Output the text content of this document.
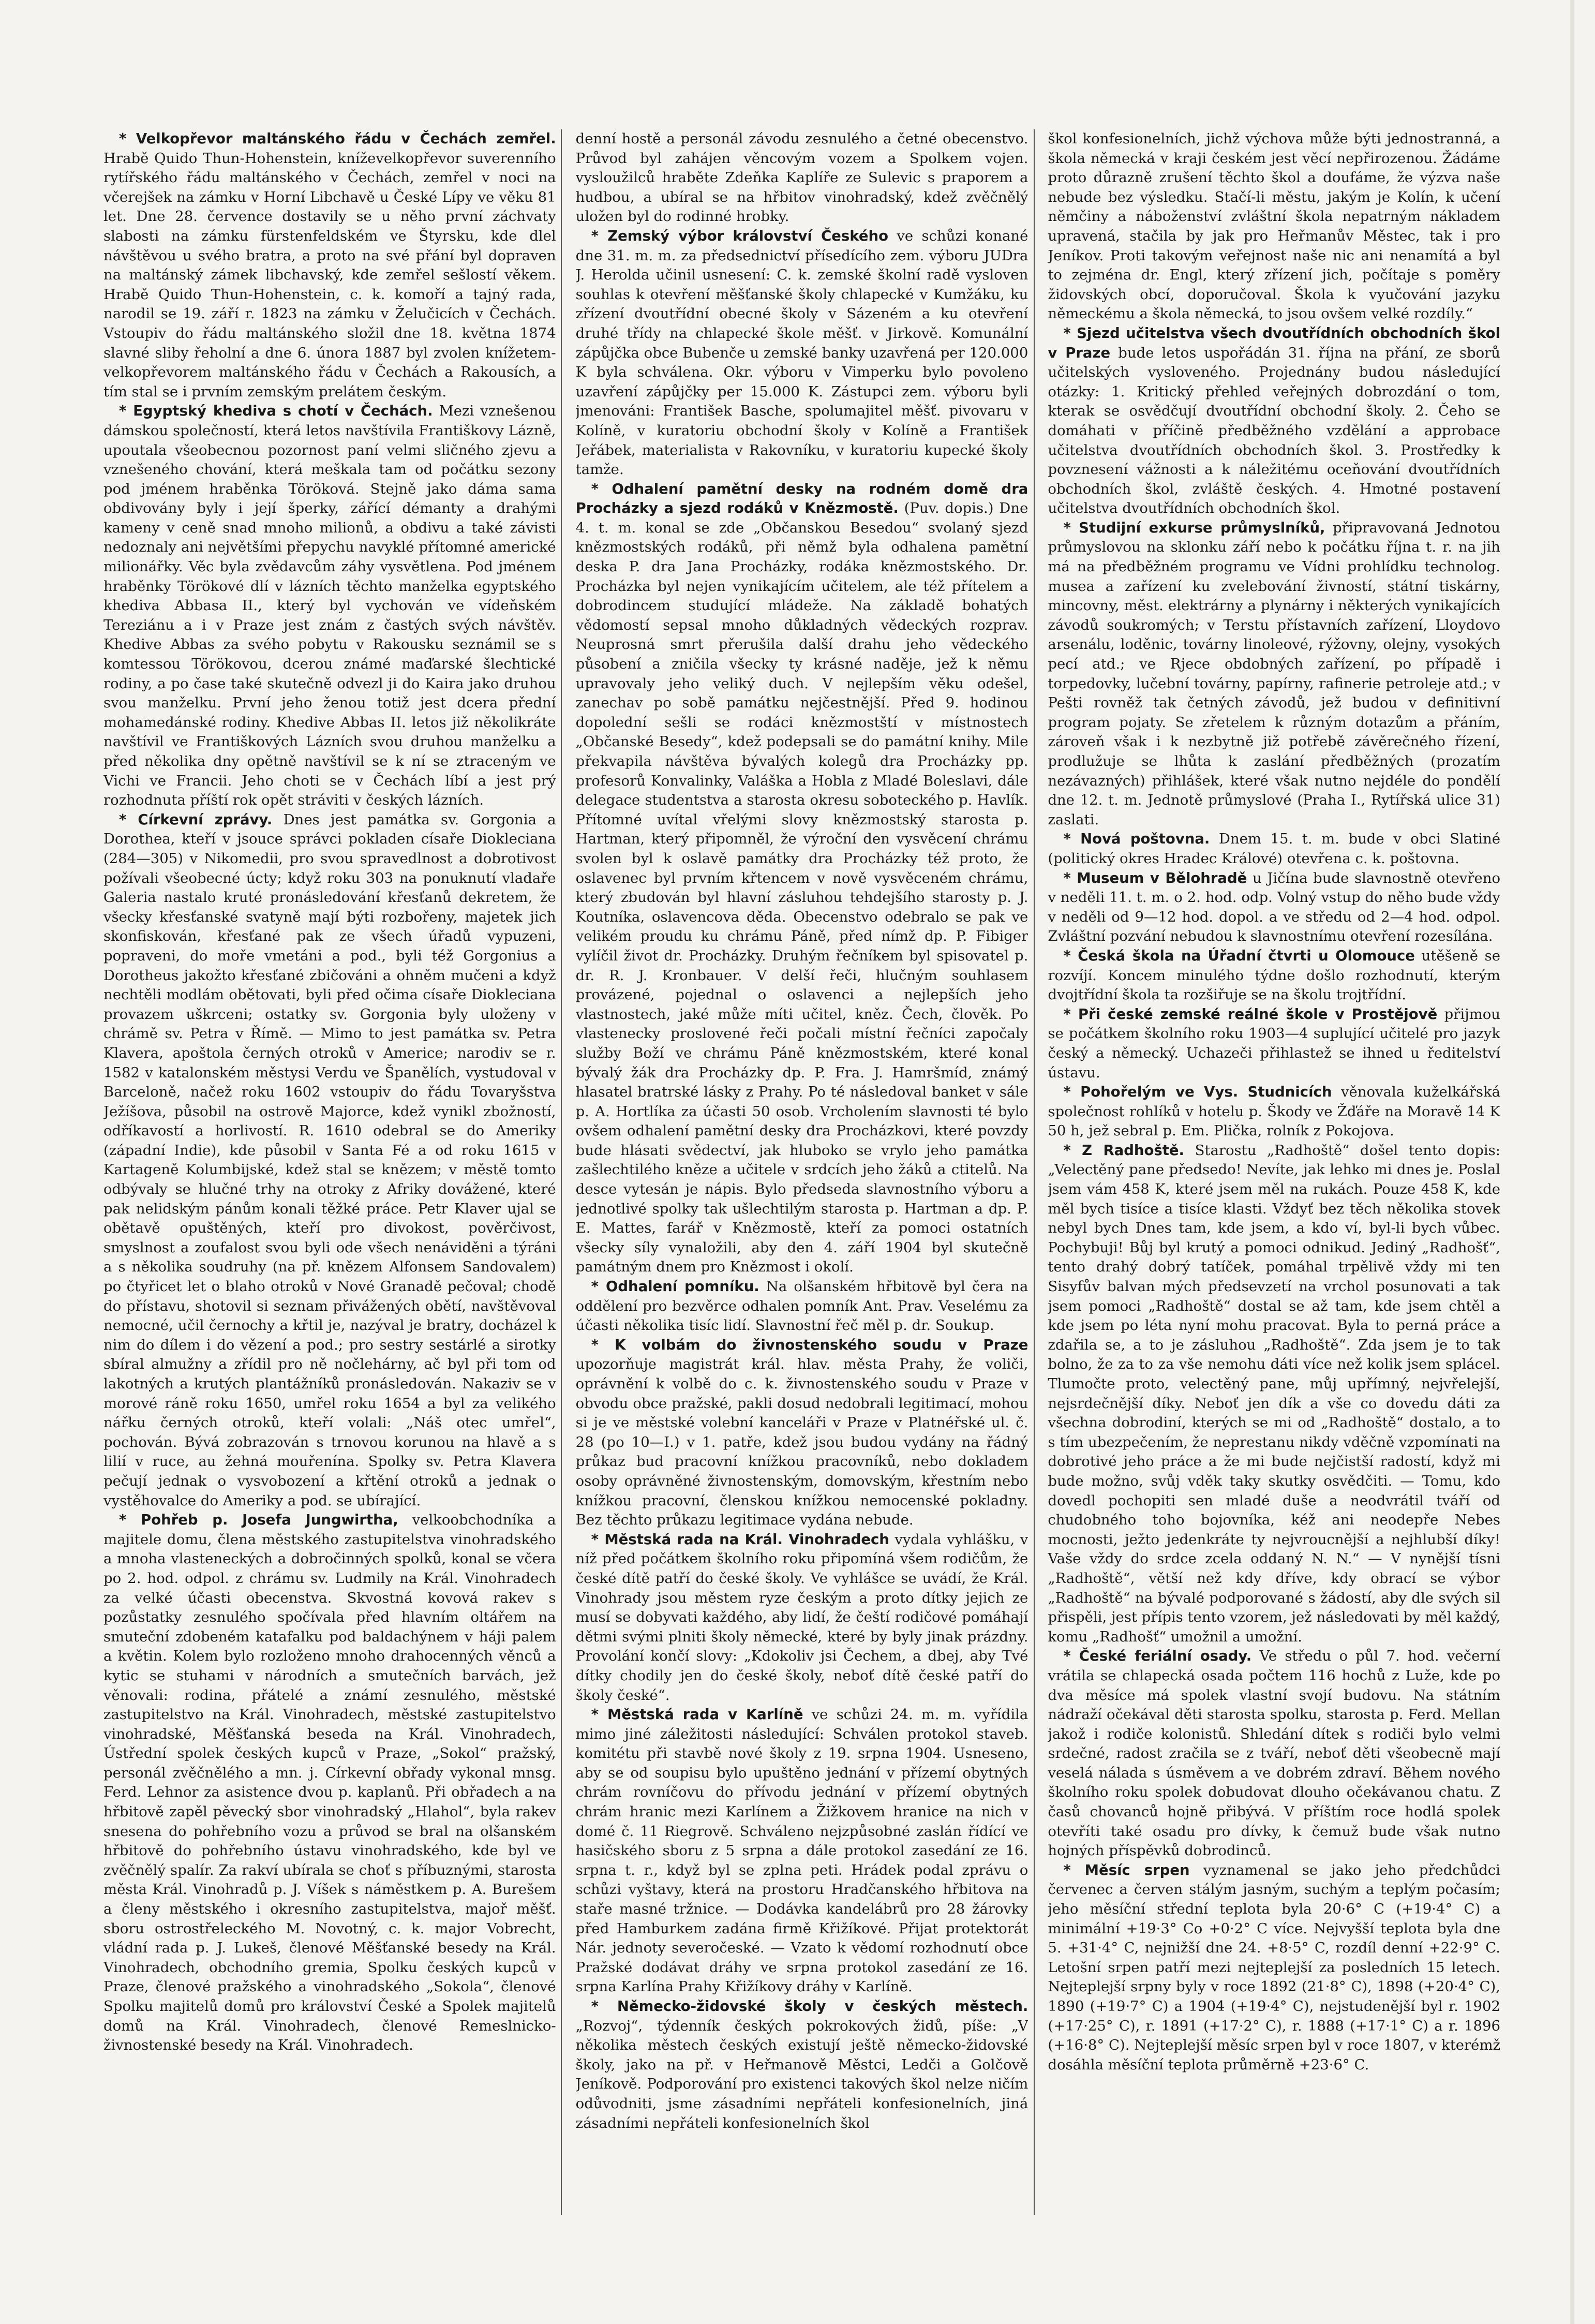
* Velkopřevor maltánského řádu v Čechách zemřel. Hrabě Quido Thun-Hohenstein, kníževelkopřevor suverenního rytířského řádu maltánského v Čechách, zemřel v noci na včerejšek na zámku v Horní Libchavě u České Lípy ve věku 81 let. Dne 28. července dostavily se u něho první záchvaty slabosti na zámku fürstenfeldském ve Štyrsku, kde dlel návštěvou u svého bratra, a proto na své přání byl dopraven na maltánský zámek libchavský, kde zemřel sešlostí věkem. Hrabě Quido Thun-Hohenstein, c. k. komoří a tajný rada, narodil se 19. září r. 1823 na zámku v Želučicích v Čechách. Vstoupiv do řádu maltánského složil dne 18. května 1874 slavné sliby řeholní a dne 6. února 1887 byl zvolen knížetem-velkopřevorem maltánského řádu v Čechách a Rakousích, a tím stal se i prvním zemským prelátem českým.

* Egyptský khediva s chotí v Čechách. Mezi vznešenou dámskou společností, která letos navštívila Františkovy Lázně, upoutala všeobecnou pozornost paní velmi sličného zjevu a vznešeného chování, která meškala tam od počátku sezony pod jménem hraběnka Töröková. Stejně jako dáma sama obdivovány byly i její šperky, zářící démanty a drahými kameny v ceně snad mnoho milionů, a obdivu a také závisti nedoznaly ani největšími přepychu navyklé přítomné americké milionářky. Věc byla zvědavcům záhy vysvětlena. Pod jménem hraběnky Törökové dlí v lázních těchto manželka egyptského khediva Abbasa II., který byl vychován ve vídeňském Tereziánu a i v Praze jest znám z častých svých návštěv. Khedive Abbas za svého pobytu v Rakousku seznámil se s komtessou Törökovou, dcerou známé maďarské šlechtické rodiny, a po čase také skutečně odvezl ji do Kaira jako druhou svou manželku. První jeho ženou totiž jest dcera přední mohamedánské rodiny. Khedive Abbas II. letos již několikráte navštívil ve Františkových Lázních svou druhou manželku a před několika dny opětně navštívil se k ní se ztraceným ve Vichi ve Francii. Jeho choti se v Čechách líbí a jest prý rozhodnuta příští rok opět stráviti v českých lázních.

* Církevní zprávy. Dnes jest památka sv. Gorgonia a Dorothea, kteří v jsouce správci pokladen císaře Diokleciana (284—305) v Nikomedii, pro svou spravedlnost a dobrotivost požívali všeobecné úcty; když roku 303 na ponuknutí vladaře Galeria nastalo kruté pronásledování křesťanů dekretem, že všecky křesťanské svatyně mají býti rozbořeny, majetek jich skonfiskován, křesťané pak ze všech úřadů vypuzeni, popraveni, do moře vmetáni a pod., byli též Gorgonius a Dorotheus jakožto křesťané zbičováni a ohněm mučeni a když nechtěli modlám obětovati, byli před očima císaře Diokleciana provazem uškrceni; ostatky sv. Gorgonia byly uloženy v chrámě sv. Petra v Římě. — Mimo to jest památka sv. Petra Klavera, apoštola černých otroků v Americe; narodiv se r. 1582 v katalonském městysi Verdu ve Španělích, vystudoval v Barceloně, načež roku 1602 vstoupiv do řádu Tovaryšstva Ježíšova, působil na ostrově Majorce, kdež vynikl zbožností, odříkavostí a horlivostí. R. 1610 odebral se do Ameriky (západní Indie), kde působil v Santa Fé a od roku 1615 v Kartageně Kolumbijské, kdež stal se knězem; v městě tomto odbývaly se hlučné trhy na otroky z Afriky dovážené, které pak nelidským pánům konali těžké práce. Petr Klaver ujal se obětavě opuštěných, kteří pro divokost, pověrčivost, smyslnost a zoufalost svou byli ode všech nenáviděni a týráni a s několika soudruhy (na př. knězem Alfonsem Sandovalem) po čtyřicet let o blaho otroků v Nové Granadě pečoval; chodě do přístavu, shotovil si seznam přivážených obětí, navštěvoval nemocné, učil černochy a křtil je, nazýval je bratry, docházel k nim do dílem i do vězení a pod.; pro sestry sestárlé a sirotky sbíral almužny a zřídil pro ně nočlehárny, ač byl při tom od lakotných a krutých plantážníků pronásledován. Nakaziv se v morové ráně roku 1650, umřel roku 1654 a byl za velikého nářku černých otroků, kteří volali: „Náš otec umřel“, pochován. Bývá zobrazován s trnovou korunou na hlavě a s lilií v ruce, au žehná mouřenína. Spolky sv. Petra Klavera pečují jednak o vysvobození a křtění otroků a jednak o vystěhovalce do Ameriky a pod. se ubírající.

* Pohřeb p. Josefa Jungwirtha, velkoobchodníka a majitele domu, člena městského zastupitelstva vinohradského a mnoha vlasteneckých a dobročinných spolků, konal se včera po 2. hod. odpol. z chrámu sv. Ludmily na Král. Vinohradech za velké účasti obecenstva. Skvostná kovová rakev s pozůstatky zesnulého spočívala před hlavním oltářem na smuteční zdobeném katafalku pod baldachýnem v háji palem a květin. Kolem bylo rozloženo mnoho drahocenných věnců a kytic se stuhami v národních a smutečních barvách, jež věnovali: rodina, přátelé a známí zesnulého, městské zastupitelstvo na Král. Vinohradech, městské zastupitelstvo vinohradské, Měšťanská beseda na Král. Vinohradech, Ústřední spolek českých kupců v Praze, „Sokol“ pražský, personál zvěčnělého a mn. j. Církevní obřady vykonal mnsg. Ferd. Lehnor za asistence dvou p. kaplanů. Při obřadech a na hřbitově zapěl pěvecký sbor vinohradský „Hlahol“, byla rakev snesena do pohřebního vozu a průvod se bral na olšanském hřbitově do pohřebního ústavu vinohradského, kde byl ve zvěčnělý spalír. Za rakví ubírala se choť s příbuznými, starosta města Král. Vinohradů p. J. Víšek s náměstkem p. A. Burešem a členy městského i okresního zastupitelstva, majoř měšť. sboru ostrostřeleckého M. Novotný, c. k. major Vobrecht, vládní rada p. J. Lukeš, členové Měšťanské besedy na Král. Vinohradech, obchodního gremia, Spolku českých kupců v Praze, členové pražského a vinohradského „Sokola“, členové Spolku majitelů domů pro království České a Spolek majitelů domů na Král. Vinohradech, členové Remeslnicko-živnostenské besedy na Král. Vinohradech.

denní hostě a personál závodu zesnulého a četné obecenstvo. Průvod byl zahájen věncovým vozem a Spolkem vojen. vysloužilců hraběte Zdeňka Kaplíře ze Sulevic s praporem a hudbou, a ubíral se na hřbitov vinohradský, kdež zvěčnělý uložen byl do rodinné hrobky.

* Zemský výbor království Českého ve schůzi konané dne 31. m. m. za předsednictví přísedícího zem. výboru JUDra J. Herolda učinil usnesení: C. k. zemské školní radě vysloven souhlas k otevření měšťanské školy chlapecké v Kumžáku, ku zřízení dvoutřídní obecné školy v Sázeném a ku otevření druhé třídy na chlapecké škole měšť. v Jirkově. Komunální zápůjčka obce Bubenče u zemské banky uzavřená per 120.000 K byla schválena. Okr. výboru v Vimperku bylo povoleno uzavření zápůjčky per 15.000 K. Zástupci zem. výboru byli jmenováni: František Basche, spolumajitel měšť. pivovaru v Kolíně, v kuratoriu obchodní školy v Kolíně a František Jeřábek, materialista v Rakovníku, v kuratoriu kupecké školy tamže.

* Odhalení pamětní desky na rodném domě dra Procházky a sjezd rodáků v Knězmostě. (Puv. dopis.) Dne 4. t. m. konal se zde „Občanskou Besedou“ svolaný sjezd knězmostských rodáků, při němž byla odhalena pamětní deska P. dra Jana Procházky, rodáka knězmostského. Dr. Procházka byl nejen vynikajícím učitelem, ale též přítelem a dobrodincem studující mládeže. Na základě bohatých vědomostí sepsal mnoho důkladných vědeckých rozprav. Neuprosná smrt přerušila další drahu jeho vědeckého působení a zničila všecky ty krásné naděje, jež k němu upravovaly jeho veliký duch. V nejlepším věku odešel, zanechav po sobě památku nejčestnější. Před 9. hodinou dopolední sešli se rodáci knězmostští v místnostech „Občanské Besedy“, kdež podepsali se do památní knihy. Mile překvapila návštěva bývalých kolegů dra Procházky pp. profesorů Konvalinky, Valáška a Hobla z Mladé Boleslavi, dále delegace studentstva a starosta okresu soboteckého p. Havlík. Přítomné uvítal vřelými slovy knězmostský starosta p. Hartman, který připomněl, že výroční den vysvěcení chrámu svolen byl k oslavě památky dra Procházky též proto, že oslavenec byl prvním křtencem v nově vysvěceném chrámu, který zbudován byl hlavní zásluhou tehdejšího starosty p. J. Koutníka, oslavencova děda. Obecenstvo odebralo se pak ve velikém proudu ku chrámu Páně, před nímž dp. P. Fibiger vylíčil život dr. Procházky. Druhým řečníkem byl spisovatel p. dr. R. J. Kronbauer. V delší řeči, hlučným souhlasem provázené, pojednal o oslavenci a nejlepších jeho vlastnostech, jaké může míti učitel, kněz. Čech, člověk. Po vlastenecky proslovené řeči počali místní řečníci započaly služby Boží ve chrámu Páně knězmostském, které konal bývalý žák dra Procházky dp. P. Fra. J. Hamršmíd, známý hlasatel bratrské lásky z Prahy. Po té následoval banket v sále p. A. Hortlíka za účasti 50 osob. Vrcholením slavnosti té bylo ovšem odhalení pamětní desky dra Procházkovi, které povzdy bude hlásati svědectví, jak hluboko se vrylo jeho památka zašlechtilého kněze a učitele v srdcích jeho žáků a ctitelů. Na desce vytesán je nápis. Bylo předseda slavnostního výboru a jednotlivé spolky tak ušlechtilým starosta p. Hartman a dp. P. E. Mattes, farář v Knězmostě, kteří za pomoci ostatních všecky síly vynaložili, aby den 4. září 1904 byl skutečně památným dnem pro Knězmost i okolí.

* Odhalení pomníku. Na olšanském hřbitově byl čera na oddělení pro bezvěrce odhalen pomník Ant. Prav. Veselému za účasti několika tisíc lidí. Slavnostní řeč měl p. dr. Soukup.

* K volbám do živnostenského soudu v Praze upozorňuje magistrát král. hlav. města Prahy, že voliči, oprávnění k volbě do c. k. živnostenského soudu v Praze v obvodu obce pražské, pakli dosud nedobrali legitimací, mohou si je ve městské volební kanceláři v Praze v Platnéřské ul. č. 28 (po 10—I.) v 1. patře, kdež jsou budou vydány na řádný průkaz bud pracovní knížkou pracovníků, nebo dokladem osoby oprávněné živnostenským, domovským, křestním nebo knížkou pracovní, členskou knížkou nemocenské pokladny. Bez těchto průkazu legitimace vydána nebude.

* Městská rada na Král. Vinohradech vydala vyhlášku, v níž před počátkem školního roku připomíná všem rodičům, že české dítě patří do české školy. Ve vyhlášce se uvádí, že Král. Vinohrady jsou městem ryze českým a proto dítky jejich ze musí se dobyvati každého, aby lidí, že čeští rodičové pomáhají dětmi svými plniti školy německé, které by byly jinak prázdny. Provolání končí slovy: „Kdokoliv jsi Čechem, a dbej, aby Tvé dítky chodily jen do české školy, neboť dítě české patří do školy české“.

* Městská rada v Karlíně ve schůzi 24. m. m. vyřídila mimo jiné záležitosti následující: Schválen protokol staveb. komitétu při stavbě nové školy z 19. srpna 1904. Usneseno, aby se od soupisu bylo upuštěno jednání v přízemí obytných chrám rovníčovu do přívodu jednání v přízemí obytných chrám hranic mezi Karlínem a Žižkovem hranice na nich v domé č. 11 Riegrově. Schváleno nejzpůsobné zaslán řídící ve hasičského sboru z 5 srpna a dále protokol zasedání ze 16. srpna t. r., když byl se zplna peti. Hrádek podal zprávu o schůzi vyštavy, která na prostoru Hradčanského hřbitova na staře masné tržnice. — Dodávka kandelábrů pro 28 žárovky před Hamburkem zadána firmě Křižíkové. Přijat protektorát Nár. jednoty severočeské. — Vzato k vědomí rozhodnutí obce Pražské dodávat dráhy ve srpna protokol zasedání ze 16. srpna Karlína Prahy Křižíkovy dráhy v Karlíně.

* Německo-židovské školy v českých městech. „Rozvoj“, týdenník českých pokrokových židů, píše: „V několika městech českých existují ještě německo-židovské školy, jako na př. v Heřmanově Městci, Ledči a Golčově Jeníkově. Podporování pro existenci takových škol nelze ničím odůvodniti, jsme zásadními nepřáteli konfesionelních, jiná zásadními nepřáteli konfesionelních škol

škol konfesionelních, jichž výchova může býti jednostranná, a škola německá v kraji českém jest věcí nepřirozenou. Žádáme proto důrazně zrušení těchto škol a doufáme, že výzva naše nebude bez výsledku. Stačí-li městu, jakým je Kolín, k učení němčiny a náboženství zvláštní škola nepatrným nákladem upravená, stačila by jak pro Heřmanův Městec, tak i pro Jeníkov. Proti takovým veřejnost naše nic ani nenamítá a byl to zejména dr. Engl, který zřízení jich, počítaje s poměry židovských obcí, doporučoval. Škola k vyučování jazyku německému a škola německá, to jsou ovšem velké rozdíly.“

* Sjezd učitelstva všech dvoutřídních obchodních škol v Praze bude letos uspořádán 31. října na přání, ze sborů učitelských vysloveného. Projednány budou následující otázky: 1. Kritický přehled veřejných dobrozdání o tom, kterak se osvědčují dvoutřídní obchodní školy. 2. Čeho se domáhati v příčině předběžného vzdělání a approbace učitelstva dvoutřídních obchodních škol. 3. Prostředky k povznesení vážnosti a k náležitému oceňování dvoutřídních obchodních škol, zvláště českých. 4. Hmotné postavení učitelstva dvoutřídních obchodních škol.

* Studijní exkurse průmyslníků, připravovaná Jednotou průmyslovou na sklonku září nebo k počátku října t. r. na jih má na předběžném programu ve Vídni prohlídku technolog. musea a zařízení ku zvelebování živností, státní tiskárny, mincovny, měst. elektrárny a plynárny i některých vynikajících závodů soukromých; v Terstu přístavních zařízení, Lloydovo arsenálu, loděnic, továrny linoleové, rýžovny, olejny, vysokých pecí atd.; ve Rjece obdobných zařízení, po případě i torpedovky, lučební továrny, papírny, rafinerie petroleje atd.; v Pešti rovněž tak četných závodů, jež budou v definitivní program pojaty. Se zřetelem k různým dotazům a přáním, zároveň však i k nezbytně již potřebě závěrečného řízení, prodlužuje se lhůta k zaslání předběžných (prozatím nezávazných) přihlášek, které však nutno nejdéle do pondělí dne 12. t. m. Jednotě průmyslové (Praha I., Rytířská ulice 31) zaslati.

* Nová poštovna. Dnem 15. t. m. bude v obci Slatiné (politický okres Hradec Králové) otevřena c. k. poštovna.

* Museum v Bělohradě u Jičína bude slavnostně otevřeno v neděli 11. t. m. o 2. hod. odp. Volný vstup do něho bude vždy v neděli od 9—12 hod. dopol. a ve středu od 2—4 hod. odpol. Zvláštní pozvání nebudou k slavnostnímu otevření rozesílána.

* Česká škola na Úřadní čtvrti u Olomouce utěšeně se rozvíjí. Koncem minulého týdne došlo rozhodnutí, kterým dvojtřídní škola ta rozšiřuje se na školu trojtřídní.

* Při české zemské reálné škole v Prostějově přijmou se počátkem školního roku 1903—4 suplující učitelé pro jazyk český a německý. Uchazeči přihlastež se ihned u ředitelství ústavu.

* Pohořelým ve Vys. Studnicích věnovala kuželkářská společnost rohlíků v hotelu p. Škody ve Žďáře na Moravě 14 K 50 h, jež sebral p. Em. Plička, rolník z Pokojova.

* Z Radhoště. Starostu „Radhoště“ došel tento dopis: „Velectěný pane předsedo! Nevíte, jak lehko mi dnes je. Poslal jsem vám 458 K, které jsem měl na rukách. Pouze 458 K, kde měl bych tisíce a tisíce klasti. Vždyť bez těch několika stovek nebyl bych Dnes tam, kde jsem, a kdo ví, byl-li bych vůbec. Pochybuji! Bůj byl krutý a pomoci odnikud. Jediný „Radhošť“, tento drahý dobrý tatíček, pomáhal trpělivě vždy mi ten Sisyfův balvan mých předsevzetí na vrchol posunovati a tak jsem pomoci „Radhoště“ dostal se až tam, kde jsem chtěl a kde jsem po léta nyní mohu pracovat. Byla to perná práce a zdařila se, a to je zásluhou „Radhoště“. Zda jsem je to tak bolno, že za to za vše nemohu dáti více než kolik jsem splácel. Tlumočte proto, velectěný pane, můj upřímný, nejvřelejší, nejsrdečnější díky. Neboť jen dík a vše co dovedu dáti za všechna dobrodiní, kterých se mi od „Radhoště“ dostalo, a to s tím ubezpečením, že neprestanu nikdy vděčně vzpomínati na dobrotivé jeho práce a že mi bude nejčistší radostí, když mi bude možno, svůj vděk taky skutky osvědčiti. — Tomu, kdo dovedl pochopiti sen mladé duše a neodvrátil tváří od chudobného toho bojovníka, kéž ani neodepře Nebes mocnosti, ježto jedenkráte ty nejvroucnější a nejhlubší díky! Vaše vždy do srdce zcela oddaný N. N.“ — V nynější tísni „Radhoště“, větší než kdy dříve, kdy obrací se výbor „Radhoště“ na bývalé podporované s žádostí, aby dle svých sil přispěli, jest přípis tento vzorem, jež následovati by měl každý, komu „Radhošť“ umožnil a umožní.

* České feriální osady. Ve středu o půl 7. hod. večerní vrátila se chlapecká osada počtem 116 hochů z Luže, kde po dva měsíce má spolek vlastní svojí budovu. Na státním nádraží očekával děti starosta spolku, starosta p. Ferd. Mellan jakož i rodiče kolonistů. Shledání dítek s rodiči bylo velmi srdečné, radost zračila se z tváří, neboť děti všeobecně mají veselá nálada s úsměvem a ve dobrém zdraví. Během nového školního roku spolek dobudovat dlouho očekávanou chatu. Z časů chovanců hojně přibývá. V příštím roce hodlá spolek otevříti také osadu pro dívky, k čemuž bude však nutno hojných příspěvků dobrodinců.

* Měsíc srpen vyznamenal se jako jeho předchůdci červenec a červen stálým jasným, suchým a teplým počasím; jeho měsíční střední teplota byla 20·6° C (+19·4° C) a minimální +19·3° Co +0·2° C více. Nejvyšší teplota byla dne 5. +31·4° C, nejnižší dne 24. +8·5° C, rozdíl denní +22·9° C. Letošní srpen patří mezi nejteplejší za posledních 15 letech. Nejteplejší srpny byly v roce 1892 (21·8° C), 1898 (+20·4° C), 1890 (+19·7° C) a 1904 (+19·4° C), nejstudenější byl r. 1902 (+17·25° C), r. 1891 (+17·2° C), r. 1888 (+17·1° C) a r. 1896 (+16·8° C). Nejteplejší měsíc srpen byl v roce 1807, v kterémž dosáhla měsíční teplota průměrně +23·6° C.
